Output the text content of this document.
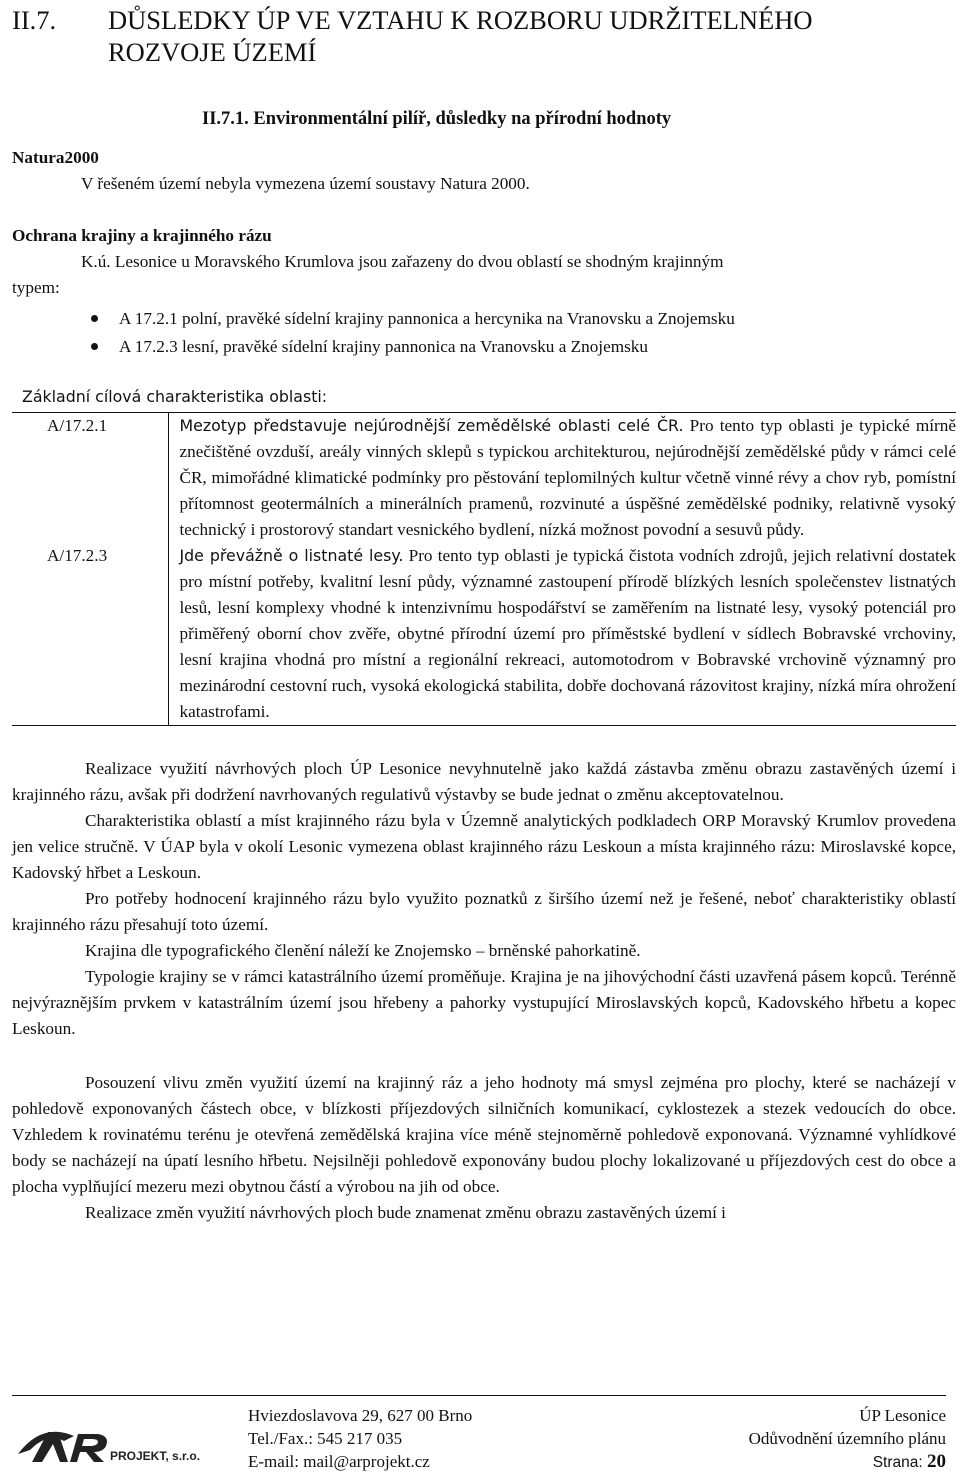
II.7. DŮSLEDKY ÚP VE VZTAHU K ROZBORU UDRŽITELNÉHO
ROZVOJE ÚZEMÍ
II.7.1. Environmentální pilíř, důsledky na přírodní hodnoty

Natura2000

V řešeném území nebyla vymezena území soustavy Natura 2000.

Ochrana krajiny a krajinného rázu

K.ú. Lesonice u Moravského Krumlova jsou zařazeny do dvou oblastí se shodným krajinným

typem:

A 17.2.1 polní, pravěké sídelní krajiny pannonica a hercynika na Vranovsku a Znojemsku
A 17.2.3 lesní, pravěké sídelní krajiny pannonica na Vranovsku a Znojemsku

Základní cílová charakteristika oblasti:

A/17.2.1	Mezotyp představuje nejúrodnější zemědělské oblasti celé ČR. Pro tento typ oblasti je typické mírně znečištěné ovzduší, areály vinných sklepů s typickou architekturou, nejúrodnější zemědělské půdy v rámci celé ČR, mimořádné klimatické podmínky pro pěstování teplomilných kultur včetně vinné révy a chov ryb, pomístní přítomnost geotermálních a minerálních pramenů, rozvinuté a úspěšné zemědělské podniky, relativně vysoký technický i prostorový standart vesnického bydlení, nízká možnost povodní a sesuvů půdy.
A/17.2.3	Jde převážně o listnaté lesy. Pro tento typ oblasti je typická čistota vodních zdrojů, jejich relativní dostatek pro místní potřeby, kvalitní lesní půdy, významné zastoupení přírodě blízkých lesních společenstev listnatých lesů, lesní komplexy vhodné k intenzivnímu hospodářství se zaměřením na listnaté lesy, vysoký potenciál pro přiměřený oborní chov zvěře, obytné přírodní území pro příměstské bydlení v sídlech Bobravské vrchoviny, lesní krajina vhodná pro místní a regionální rekreaci, automotodrom v Bobravské vrchovině významný pro mezinárodní cestovní ruch, vysoká ekologická stabilita, dobře dochovaná rázovitost krajiny, nízká míra ohrožení katastrofami.

Realizace využití návrhových ploch ÚP Lesonice nevyhnutelně jako každá zástavba změnu obrazu zastavěných území i krajinného rázu, avšak při dodržení navrhovaných regulativů výstavby se bude jednat o změnu akceptovatelnou.

Charakteristika oblastí a míst krajinného rázu byla v Územně analytických podkladech ORP Moravský Krumlov provedena jen velice stručně. V ÚAP byla v okolí Lesonic vymezena oblast krajinného rázu Leskoun a místa krajinného rázu: Miroslavské kopce, Kadovský hřbet a Leskoun.

Pro potřeby hodnocení krajinného rázu bylo využito poznatků z širšího území než je řešené, neboť charakteristiky oblastí krajinného rázu přesahují toto území.

Krajina dle typografického členění náleží ke Znojemsko – brněnské pahorkatině.

Typologie krajiny se v rámci katastrálního území proměňuje. Krajina je na jihovýchodní části uzavřená pásem kopců. Terénně nejvýraznějším prvkem v katastrálním území jsou hřebeny a pahorky vystupující Miroslavských kopců, Kadovského hřbetu a kopec Leskoun.

Posouzení vlivu změn využití území na krajinný ráz a jeho hodnoty má smysl zejména pro plochy, které se nacházejí v pohledově exponovaných částech obce, v blízkosti příjezdových silničních komunikací, cyklostezek a stezek vedoucích do obce. Vzhledem k rovinatému terénu je otevřená zemědělská krajina více méně stejnoměrně pohledově exponovaná. Významné vyhlídkové body se nacházejí na úpatí lesního hřbetu. Nejsilněji pohledově exponovány budou plochy lokalizované u příjezdových cest do obce a plocha vyplňující mezeru mezi obytnou částí a výrobou na jih od obce.

Realizace změn využití návrhových ploch bude znamenat změnu obrazu zastavěných území i

PROJEKT, s.r.o.
Hviezdoslavova 29, 627 00 Brno
Tel./Fax.: 545 217 035
E-mail: mail@arprojekt.cz
ÚP Lesonice
Odůvodnění územního plánu
Strana: 20
